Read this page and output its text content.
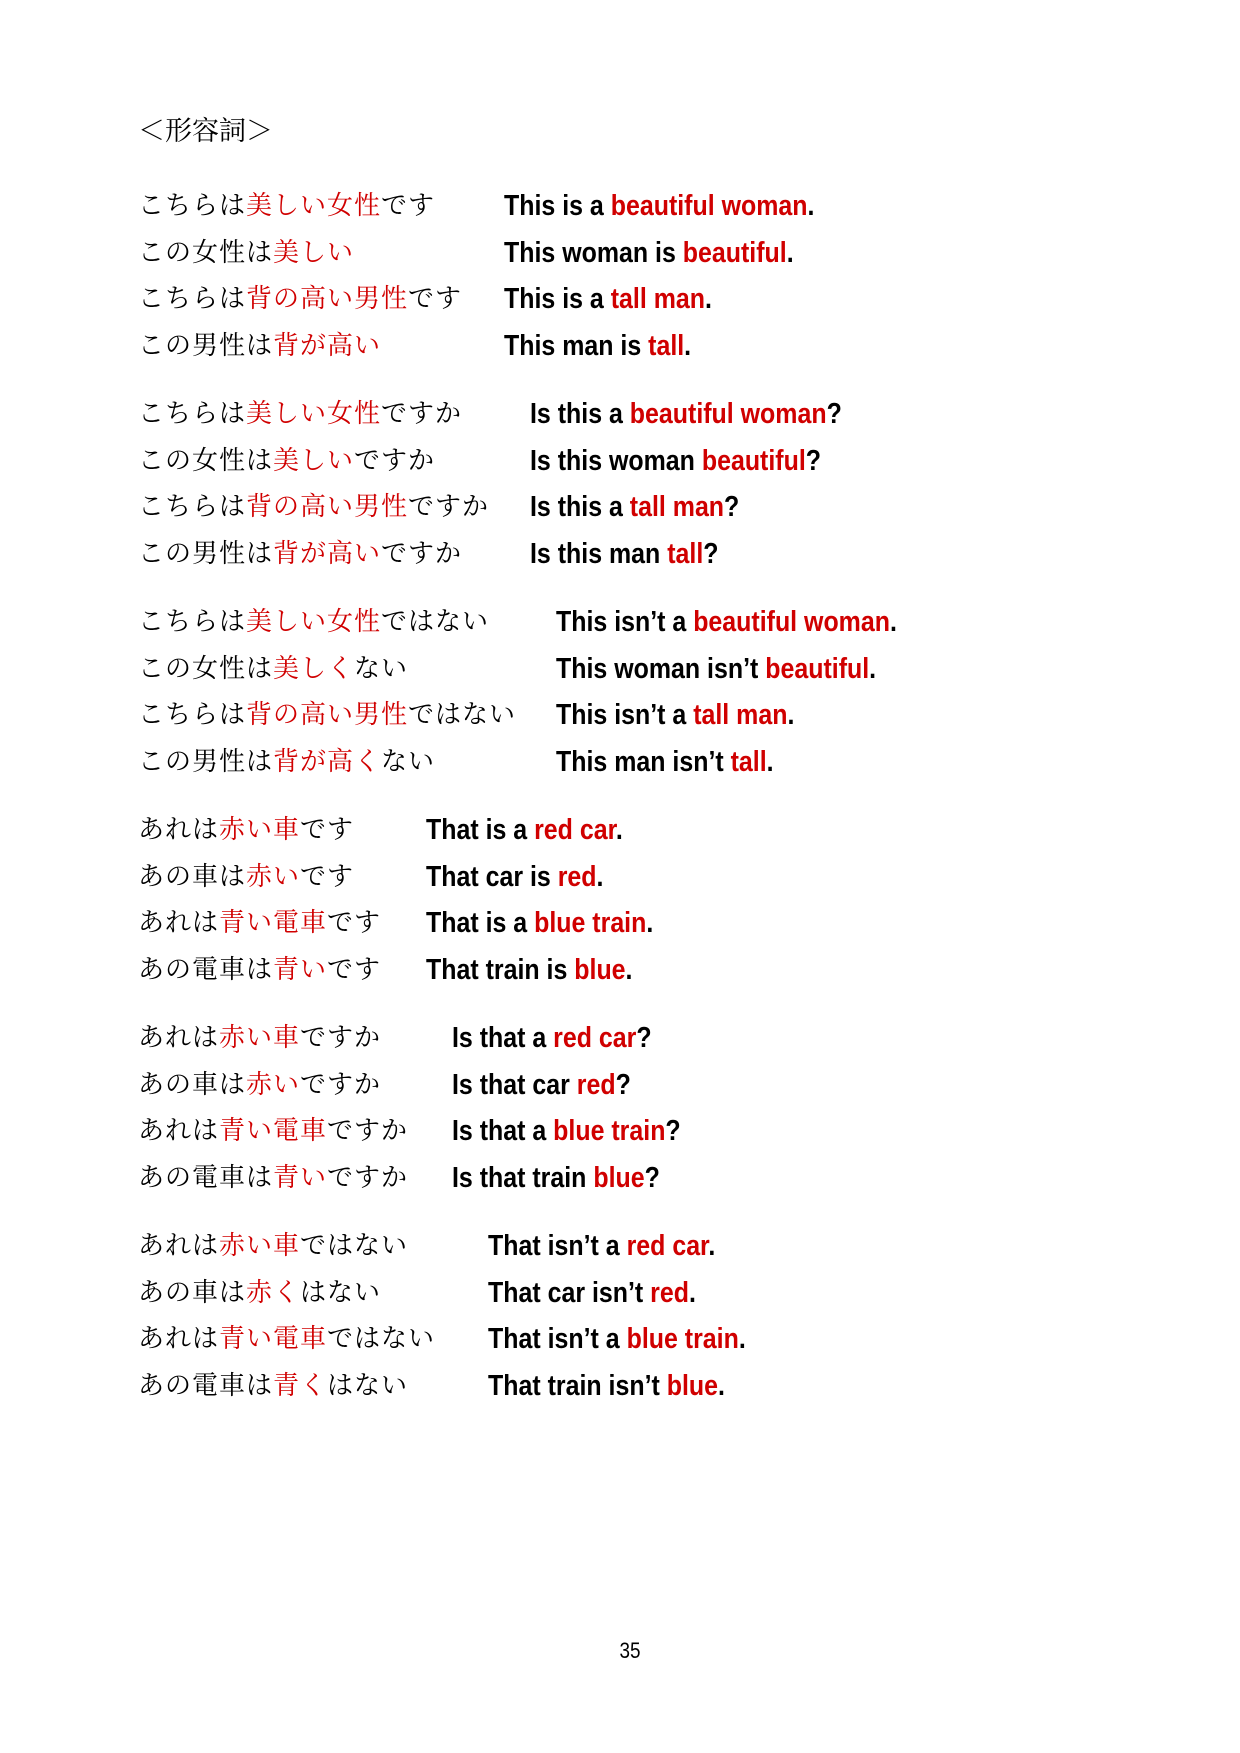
＜形容詞＞
こちらは美しい女性です This is a beautiful woman.
この女性は美しい	This woman is beautiful.
こちらは背の高い男性です This is a tall man.
この男性は背が高い	This man is tall.
こちらは美しい女性ですか Is this a beautiful woman?
この女性は美しいですか	Is this woman beautiful?
こちらは背の高い男性ですか Is this a tall man?
この男性は背が高いですか Is this man tall?
こちらは美しい女性ではない This isn’t a beautiful woman.
この女性は美しくない	This woman isn’t beautiful.
こちらは背の高い男性ではない This isn’t a tall man.
この男性は背が高くない	This man isn’t tall.
あれは赤い車です That is a red car.
あの車は赤いです That car is red.
あれは青い電車です That is a blue train.
あの電車は青いです That train is blue.
あれは赤い車ですか Is that a red car?
あの車は赤いですか Is that car red?
あれは青い電車ですか Is that a blue train?
あの電車は青いですか Is that train blue?
あれは赤い車ではない	That isn’t a red car.
あの車は赤くはない	That car isn’t red.
あれは青い電車ではない That isn’t a blue train.
あの電車は青くはない	That train isn’t blue.
35
